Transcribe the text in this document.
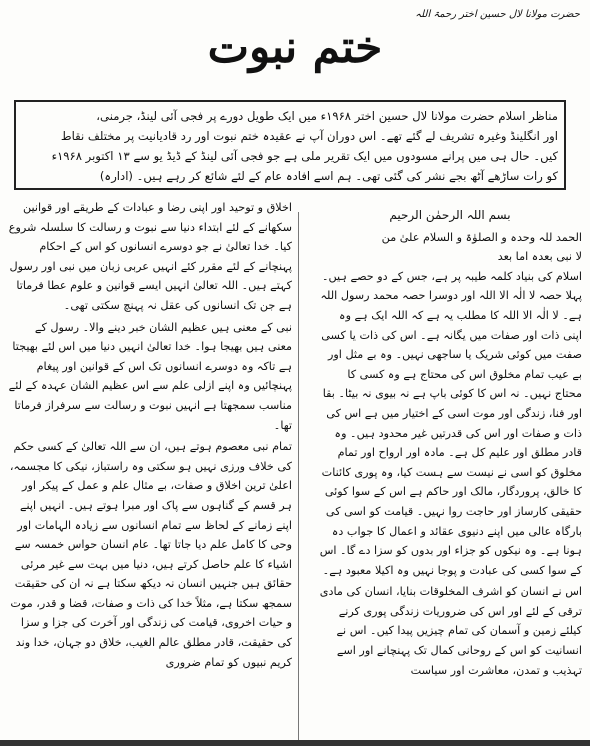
حضرت مولانا لال حسین اختر رحمۃ اللہ
ختم نبوت

مناظر اسلام حضرت مولانا لال حسین اختر ۱۹۶۸ء میں ایک طویل دورے پر فجی آئی لینڈ، جرمنی،

اور انگلینڈ وغیرہ تشریف لے گئے تھے۔ اس دوران آپ نے عقیدہ ختم نبوت اور رد قادیانیت پر مختلف نقاط

کیں۔ حال ہی میں پرانے مسودوں میں ایک تقریر ملی ہے جو فجی آئی لینڈ کے ڈیڈ یو سے ۱۳ اکتوبر ۱۹۶۸ء

کو رات ساڑھے آٹھ بجے نشر کی گئی تھی۔ ہم اسے افادہ عام کے لئے شائع کر رہے ہیں۔ (ادارہ)

بسم اللہ الرحمٰن الرحیم

الحمد للہ وحدہ و الصلوٰۃ و السلام علیٰ من

لا نبی بعدہ اما بعد

اسلام کی بنیاد کلمہ طیبہ پر ہے، جس کے دو حصے ہیں۔ پہلا حصہ لا الٰہ الا اللہ اور دوسرا حصہ محمد رسول اللہ ہے۔ لا الٰہ الا اللہ کا مطلب یہ ہے کہ اللہ ایک ہے وہ اپنی ذات اور صفات میں یگانہ ہے۔ اس کی ذات یا کسی صفت میں کوئی شریک یا ساجھی نہیں۔ وہ بے مثل اور بے عیب تمام مخلوق اس کی محتاج ہے وہ کسی کا محتاج نہیں۔ نہ اس کا کوئی باپ ہے نہ بیوی نہ بیٹا۔ بقا اور فنا، زندگی اور موت اسی کے اختیار میں ہے اس کی ذات و صفات اور اس کی قدرتیں غیر محدود ہیں۔ وہ قادر مطلق اور علیم کل ہے۔ مادہ اور ارواح اور تمام مخلوق کو اسی نے نیست سے ہست کیا، وہ پوری کائنات کا خالق، پروردگار، مالک اور حاکم ہے اس کے سوا کوئی حقیقی کارساز اور حاجت روا نہیں۔ قیامت کو اسی کی بارگاہ عالی میں اپنے دنیوی عقائد و اعمال کا جواب دہ ہونا ہے۔ وہ نیکوں کو جزاء اور بدوں کو سزا دے گا۔ اس کے سوا کسی کی عبادت و پوجا نہیں وہ اکیلا معبود ہے۔

اس نے انسان کو اشرف المخلوقات بنایا، انسان کی مادی ترقی کے لئے اور اس کی ضروریات زندگی پوری کرنے کیلئے زمین و آسمان کی تمام چیزیں پیدا کیں۔ اس نے انسانیت کو اس کے روحانی کمال تک پہنچانے اور اسے تہذیب و تمدن، معاشرت اور سیاست

اخلاق و توحید اور اپنی رضا و عبادات کے طریقے اور قوانین سکھانے کے لئے ابتداء دنیا سے نبوت و رسالت کا سلسلہ شروع کیا۔ خدا تعالیٰ نے جو دوسرے انسانوں کو اس کے احکام پہنچانے کے لئے مقرر کئے انہیں عربی زبان میں نبی اور رسول کہتے ہیں۔ اللہ تعالیٰ انہیں ایسے قوانین و علوم عطا فرماتا ہے جن تک انسانوں کی عقل نہ پہنچ سکتی تھی۔

نبی کے معنی ہیں عظیم الشان خبر دینے والا۔ رسول کے معنی ہیں بھیجا ہوا۔ خدا تعالیٰ انہیں دنیا میں اس لئے بھیجتا ہے تاکہ وہ دوسرے انسانوں تک اس کے قوانین اور پیغام پہنچائیں وہ اپنے ازلی علم سے اس عظیم الشان عہدہ کے لئے مناسب سمجھتا ہے انہیں نبوت و رسالت سے سرفراز فرماتا تھا۔

تمام نبی معصوم ہوتے ہیں، ان سے اللہ تعالیٰ کے کسی حکم کی خلاف ورزی نہیں ہو سکتی وہ راستباز، نیکی کا مجسمہ، اعلیٰ ترین اخلاق و صفات، بے مثال علم و عمل کے پیکر اور ہر قسم کے گناہوں سے پاک اور مبرا ہوتے ہیں۔ انہیں اپنے اپنے زمانے کے لحاظ سے تمام انسانوں سے زیادہ الہامات اور وحی کا کامل علم دیا جاتا تھا۔ عام انسان حواس خمسہ سے اشیاء کا علم حاصل کرتے ہیں، دنیا میں بہت سے غیر مرئی حقائق ہیں جنہیں انسان نہ دیکھ سکتا ہے نہ ان کی حقیقت سمجھ سکتا ہے، مثلاً خدا کی ذات و صفات، قضا و قدر، موت و حیات اخروی، قیامت کی زندگی اور آخرت کی جزا و سزا کی حقیقت، قادر مطلق عالم الغیب، خلاق دو جہان، خدا وند کریم نبیوں کو تمام ضروری
